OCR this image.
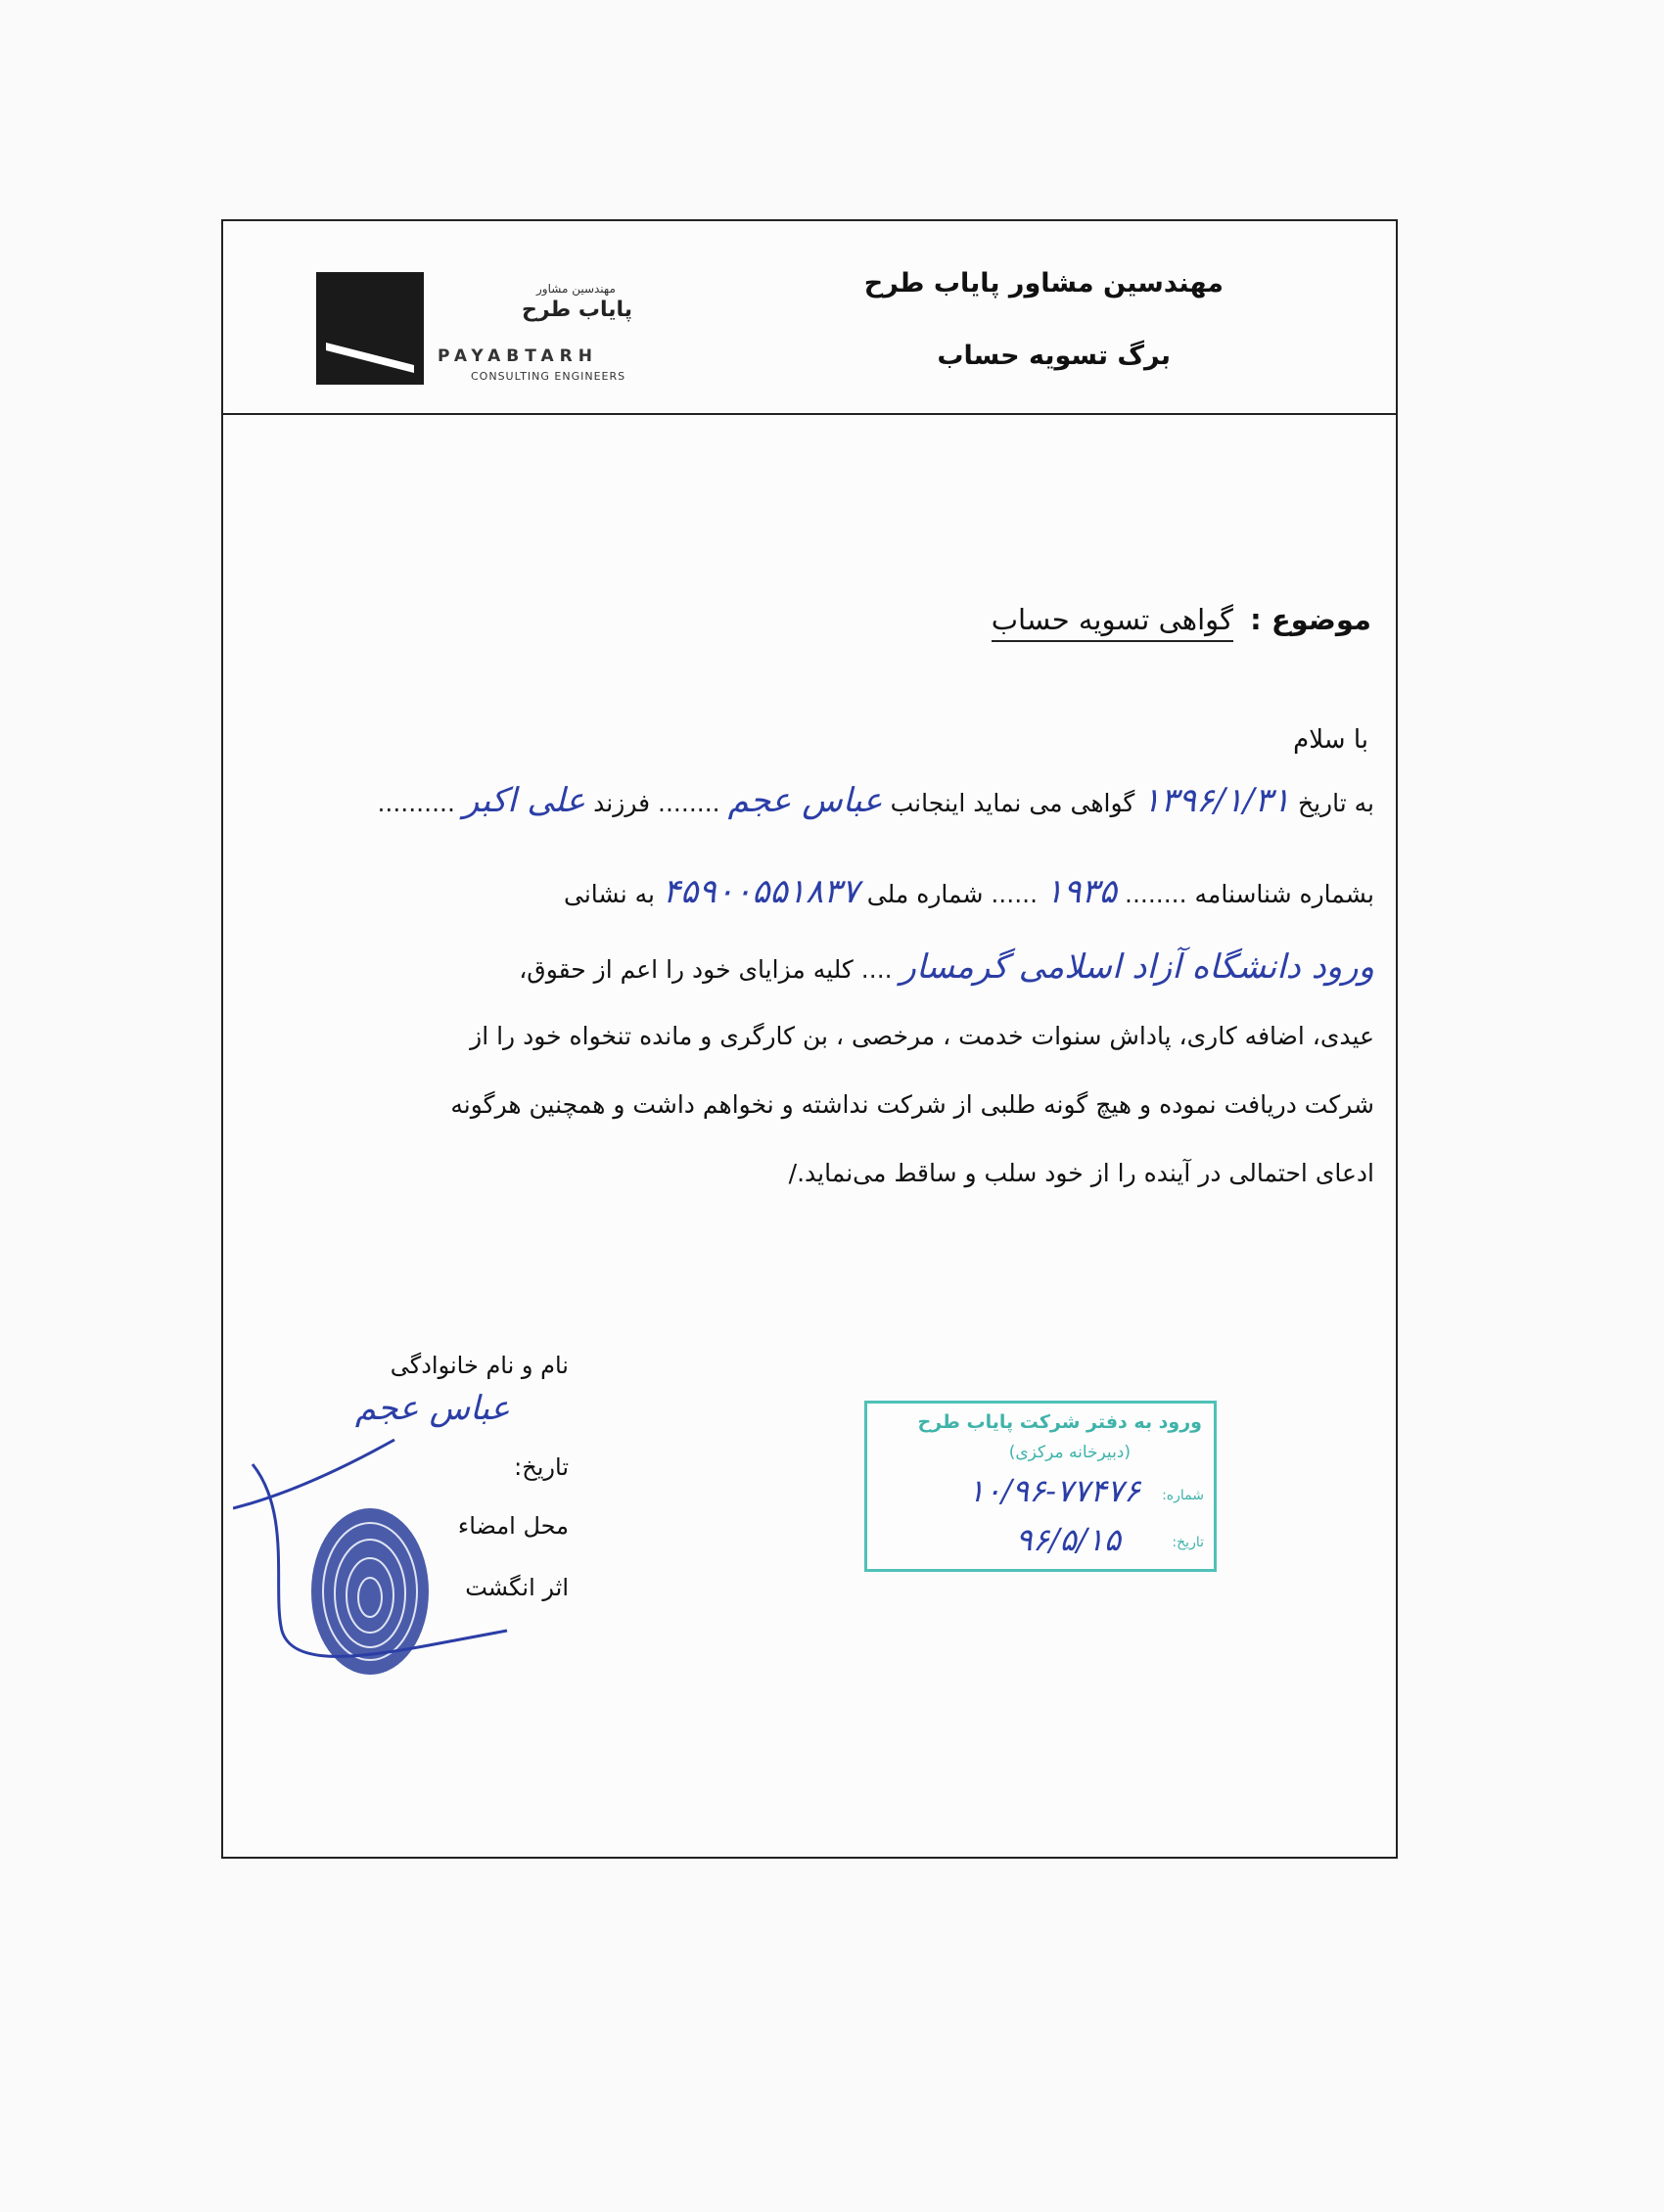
مهندسین مشاور پایاب طرح
برگ تسویه حساب
مهندسین مشاور
پایاب طرح
PAYABTARH
CONSULTING ENGINEERS
موضوع : گواهی تسویه حساب
با سلام
به تاریخ ۱۳۹۶/۱/۳۱ گواهی می نماید اینجانب عباس عجم ........ فرزند علی اکبر ..........
بشماره شناسنامه ........ ۱۹۳۵ ...... شماره ملی ۴۵۹۰۰۵۵۱۸۳۷ به نشانی
ورود دانشگاه آزاد اسلامی گرمسار .... کلیه مزایای خود را اعم از حقوق،
عیدی، اضافه کاری، پاداش سنوات خدمت ، مرخصی ، بن کارگری و مانده تنخواه خود را از
شرکت دریافت نموده و هیچ گونه طلبی از شرکت نداشته و نخواهم داشت و همچنین هرگونه
ادعای احتمالی در آینده را از خود سلب و ساقط می‌نماید./
نام و نام خانوادگی
عباس عجم
تاریخ:
محل امضاء
اثر انگشت
ورود به دفتر شرکت پایاب طرح
(دبیرخانه مرکزی)
شماره:
۱۰/۹۶-۷۷۴۷۶
تاریخ:
۹۶/۵/۱۵
